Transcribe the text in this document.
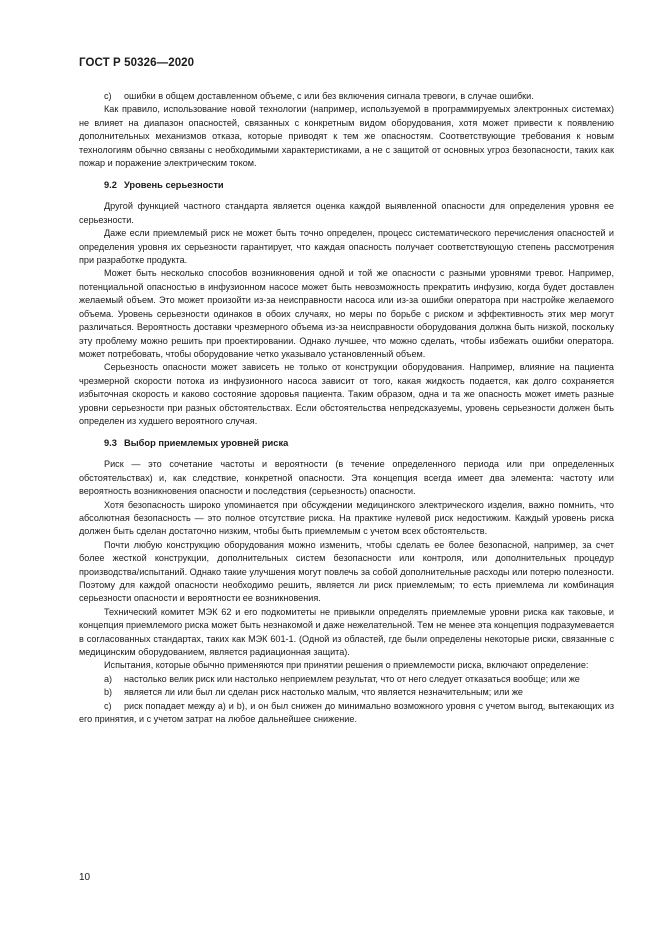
ГОСТ Р 50326—2020

с) ошибки в общем доставленном объеме, с или без включения сигнала тревоги, в случае ошибки.

Как правило, использование новой технологии (например, используемой в программируемых электронных системах) не влияет на диапазон опасностей, связанных с конкретным видом оборудования, хотя может привести к появлению дополнительных механизмов отказа, которые приводят к тем же опасностям. Соответствующие требования к новым технологиям обычно связаны с необходимыми характеристиками, а не с защитой от основных угроз безопасности, таких как пожар и поражение электрическим током.

9.2 Уровень серьезности

Другой функцией частного стандарта является оценка каждой выявленной опасности для определения уровня ее серьезности.

Даже если приемлемый риск не может быть точно определен, процесс систематического перечисления опасностей и определения уровня их серьезности гарантирует, что каждая опасность получает соответствующую степень рассмотрения при разработке продукта.

Может быть несколько способов возникновения одной и той же опасности с разными уровнями тревог. Например, потенциальной опасностью в инфузионном насосе может быть невозможность прекратить инфузию, когда будет доставлен желаемый объем. Это может произойти из-за неисправности насоса или из-за ошибки оператора при настройке желаемого объема. Уровень серьезности одинаков в обоих случаях, но меры по борьбе с риском и эффективность этих мер могут различаться. Вероятность доставки чрезмерного объема из-за неисправности оборудования должна быть низкой, поскольку эту проблему можно решить при проектировании. Однако лучшее, что можно сделать, чтобы избежать ошибки оператора. может потребовать, чтобы оборудование четко указывало установленный объем.

Серьезность опасности может зависеть не только от конструкции оборудования. Например, влияние на пациента чрезмерной скорости потока из инфузионного насоса зависит от того, какая жидкость подается, как долго сохраняется избыточная скорость и каково состояние здоровья пациента. Таким образом, одна и та же опасность может иметь разные уровни серьезности при разных обстоятельствах. Если обстоятельства непредсказуемы, уровень серьезности должен быть определен из худшего вероятного случая.

9.3 Выбор приемлемых уровней риска

Риск — это сочетание частоты и вероятности (в течение определенного периода или при определенных обстоятельствах) и, как следствие, конкретной опасности. Эта концепция всегда имеет два элемента: частоту или вероятность возникновения опасности и последствия (серьезность) опасности.

Хотя безопасность широко упоминается при обсуждении медицинского электрического изделия, важно помнить, что абсолютная безопасность — это полное отсутствие риска. На практике нулевой риск недостижим. Каждый уровень риска должен быть сделан достаточно низким, чтобы быть приемлемым с учетом всех обстоятельств.

Почти любую конструкцию оборудования можно изменить, чтобы сделать ее более безопасной, например, за счет более жесткой конструкции, дополнительных систем безопасности или контроля, или дополнительных процедур производства/испытаний. Однако такие улучшения могут повлечь за собой дополнительные расходы или потерю полезности. Поэтому для каждой опасности необходимо решить, является ли риск приемлемым; то есть приемлема ли комбинация серьезности опасности и вероятности ее возникновения.

Технический комитет МЭК 62 и его подкомитеты не привыкли определять приемлемые уровни риска как таковые, и концепция приемлемого риска может быть незнакомой и даже нежелательной. Тем не менее эта концепция подразумевается в согласованных стандартах, таких как МЭК 601-1. (Одной из областей, где были определены некоторые риски, связанные с медицинским оборудованием, является радиационная защита).

Испытания, которые обычно применяются при принятии решения о приемлемости риска, включают определение:

а) настолько велик риск или настолько неприемлем результат, что от него следует отказаться вообще; или же

b) является ли или был ли сделан риск настолько малым, что является незначительным; или же

с) риск попадает между а) и b), и он был снижен до минимально возможного уровня с учетом выгод, вытекающих из его принятия, и с учетом затрат на любое дальнейшее снижение.

10
